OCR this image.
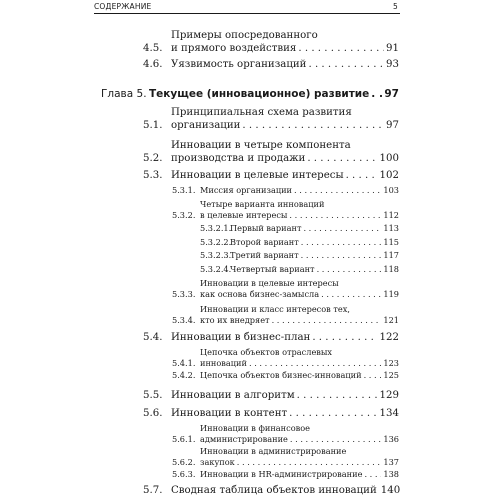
СОДЕРЖАНИЕ	5
4.5.
Примеры опосредованного
и прямого воздействия . . .	91
4.6. Уязвимость организаций . . .	93
Глава 5. Текущее (инновационное) развитие . . . 97
5.1.
Принципиальная схема развития
организации . . .	97
5.2.
Инновации в четыре компонента
производства и продажи . . .	100
5.3. Инновации в целевые интересы . . .	102
5.3.1. Миссия организации . . .	103
5.3.2.
Четыре варианта инноваций
в целевые интересы . . .	112
5.3.2.1.
Первый вариант . . .	113
5.3.2.2.
Второй вариант . . .	115
5.3.2.3.
Третий вариант . . .	117
5.3.2.4.
Четвертый вариант . . .	118
5.3.3.
Инновации в целевые интересы
как основа бизнес-замысла . . .	119
5.3.4.
Инновации и класс интересов тех,
кто их внедряет . . .	121
5.4. Инновации в бизнес-план . . .	122
5.4.1.
Цепочка объектов отраслевых
инноваций . . .	123
5.4.2. Цепочка объектов бизнес-инноваций . . .	125
5.5. Инновации в алгоритм . . .	129
5.6. Инновации в контент . . .	134
5.6.1.
Инновации в финансовое
администрирование . . .	136
5.6.2.
Инновации в администрирование
закупок . . .	137
5.6.3. Инновации в HR-администрирование . . .	138
5.7. Сводная таблица объектов инноваций 140
